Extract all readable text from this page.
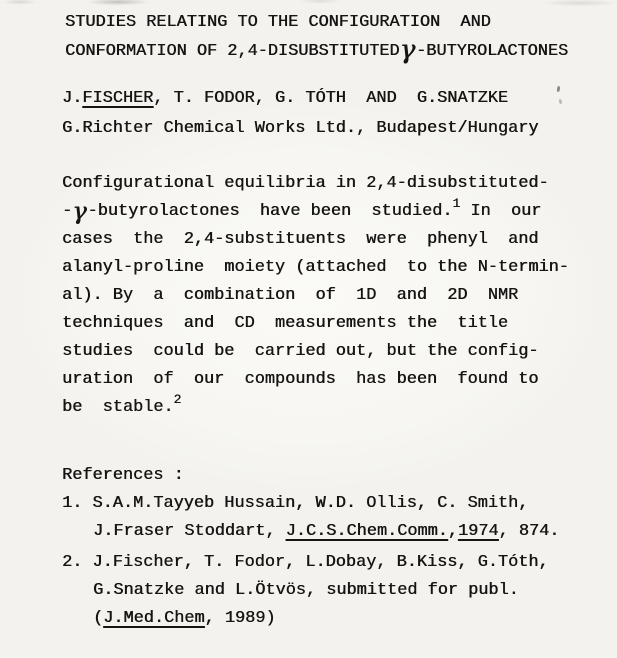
STUDIES RELATING TO THE CONFIGURATION  AND
CONFORMATION OF 2,4-DISUBSTITUTEDγ-BUTYROLACTONES
J.FISCHER, T. FODOR, G. TÓTH  AND  G.SNATZKE
G.Richter Chemical Works Ltd., Budapest/Hungary
Configurational equilibria in 2,4-disubstituted-
-γ-butyrolactones  have been  studied.$^1$ In  our
cases  the  2,4-substituents  were  phenyl  and
alanyl-proline  moiety (attached  to the N-termin-
al). By  a  combination  of  1D  and  2D  NMR
techniques  and  CD  measurements the  title
studies  could be  carried out, but the config-
uration  of  our  compounds  has been  found to
be  stable.$^2$
References :
1. S.A.M.Tayyeb Hussain, W.D. Ollis, C. Smith,
J.Fraser Stoddart, J.C.S.Chem.Comm.,1974, 874.
2. J.Fischer, T. Fodor, L.Dobay, B.Kiss, G.Tóth,
G.Snatzke and L.Ötvös, submitted for publ.
(J.Med.Chem, 1989)
